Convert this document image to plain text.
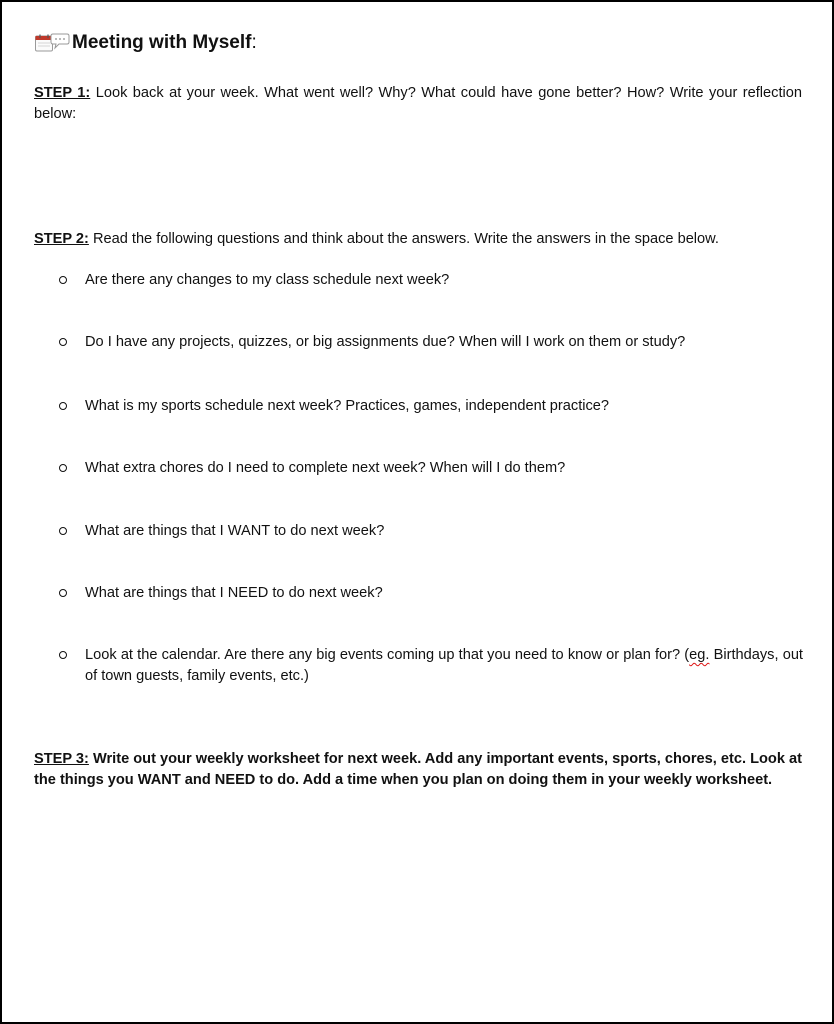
Meeting with Myself :
STEP 1: Look back at your week. What went well? Why? What could have gone better? How? Write your reflection below:
STEP 2: Read the following questions and think about the answers. Write the answers in the space below.
Are there any changes to my class schedule next week?
Do I have any projects, quizzes, or big assignments due? When will I work on them or study?
What is my sports schedule next week? Practices, games, independent practice?
What extra chores do I need to complete next week? When will I do them?
What are things that I WANT to do next week?
What are things that I NEED to do next week?
Look at the calendar. Are there any big events coming up that you need to know or plan for? (eg. Birthdays, out of town guests, family events, etc.)
STEP 3: Write out your weekly worksheet for next week. Add any important events, sports, chores, etc. Look at the things you WANT and NEED to do. Add a time when you plan on doing them in your weekly worksheet.
